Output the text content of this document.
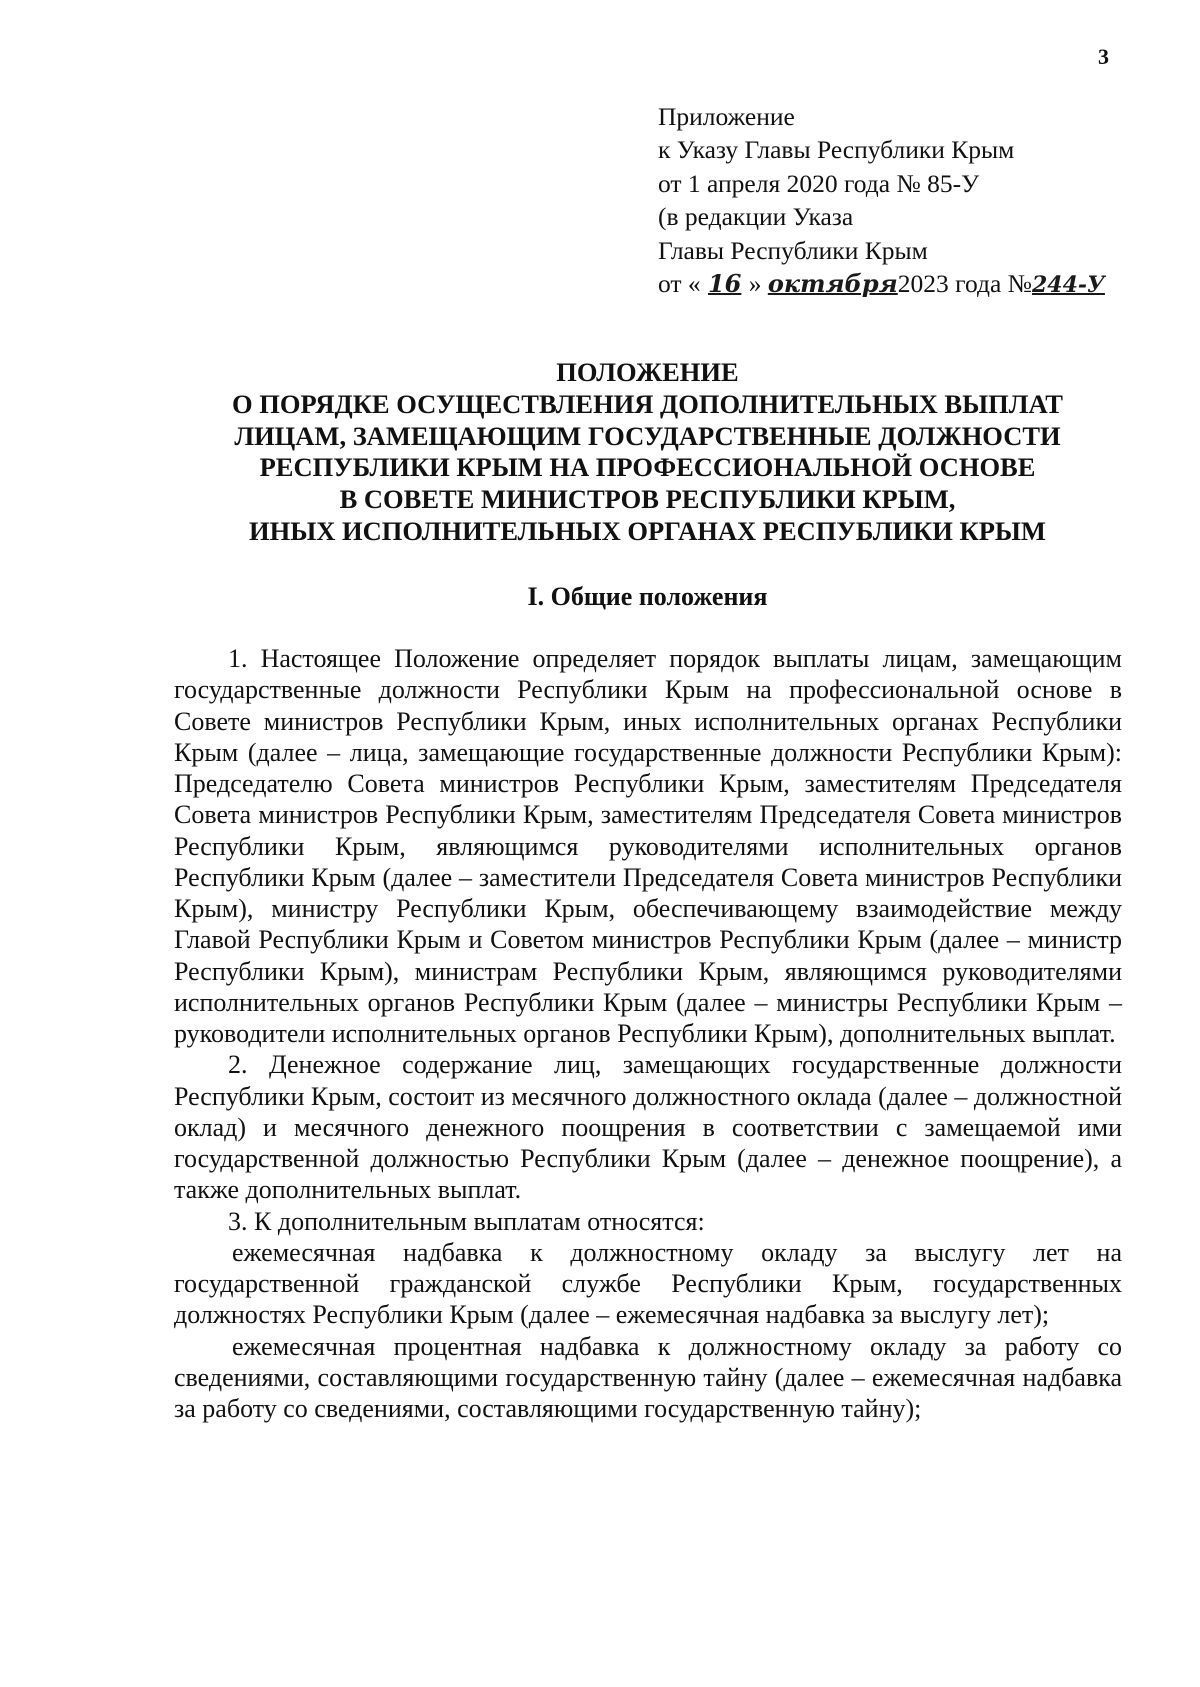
3
Приложение
к Указу Главы Республики Крым
от 1 апреля 2020 года № 85-У
(в редакции Указа
Главы Республики Крым
от « 16 » октября2023 года №244-У
ПОЛОЖЕНИЕ
О ПОРЯДКЕ ОСУЩЕСТВЛЕНИЯ ДОПОЛНИТЕЛЬНЫХ ВЫПЛАТ
ЛИЦАМ, ЗАМЕЩАЮЩИМ ГОСУДАРСТВЕННЫЕ ДОЛЖНОСТИ
РЕСПУБЛИКИ КРЫМ НА ПРОФЕССИОНАЛЬНОЙ ОСНОВЕ
В СОВЕТЕ МИНИСТРОВ РЕСПУБЛИКИ КРЫМ,
ИНЫХ ИСПОЛНИТЕЛЬНЫХ ОРГАНАХ РЕСПУБЛИКИ КРЫМ
I. Общие положения

1. Настоящее Положение определяет порядок выплаты лицам, замещающим государственные должности Республики Крым на профессиональной основе в Совете министров Республики Крым, иных исполнительных органах Республики Крым (далее – лица, замещающие государственные должности Республики Крым): Председателю Совета министров Республики Крым, заместителям Председателя Совета министров Республики Крым, заместителям Председателя Совета министров Республики Крым, являющимся руководителями исполнительных органов Республики Крым (далее – заместители Председателя Совета министров Республики Крым), министру Республики Крым, обеспечивающему взаимодействие между Главой Республики Крым и Советом министров Республики Крым (далее – министр Республики Крым), министрам Республики Крым, являющимся руководителями исполнительных органов Республики Крым (далее – министры Республики Крым – руководители исполнительных органов Республики Крым), дополнительных выплат.

2. Денежное содержание лиц, замещающих государственные должности Республики Крым, состоит из месячного должностного оклада (далее – должностной оклад) и месячного денежного поощрения в соответствии с замещаемой ими государственной должностью Республики Крым (далее – денежное поощрение), а также дополнительных выплат.

3. К дополнительным выплатам относятся:

ежемесячная надбавка к должностному окладу за выслугу лет на государственной гражданской службе Республики Крым, государственных должностях Республики Крым (далее – ежемесячная надбавка за выслугу лет);

ежемесячная процентная надбавка к должностному окладу за работу со сведениями, составляющими государственную тайну (далее – ежемесячная надбавка за работу со сведениями, составляющими государственную тайну);
